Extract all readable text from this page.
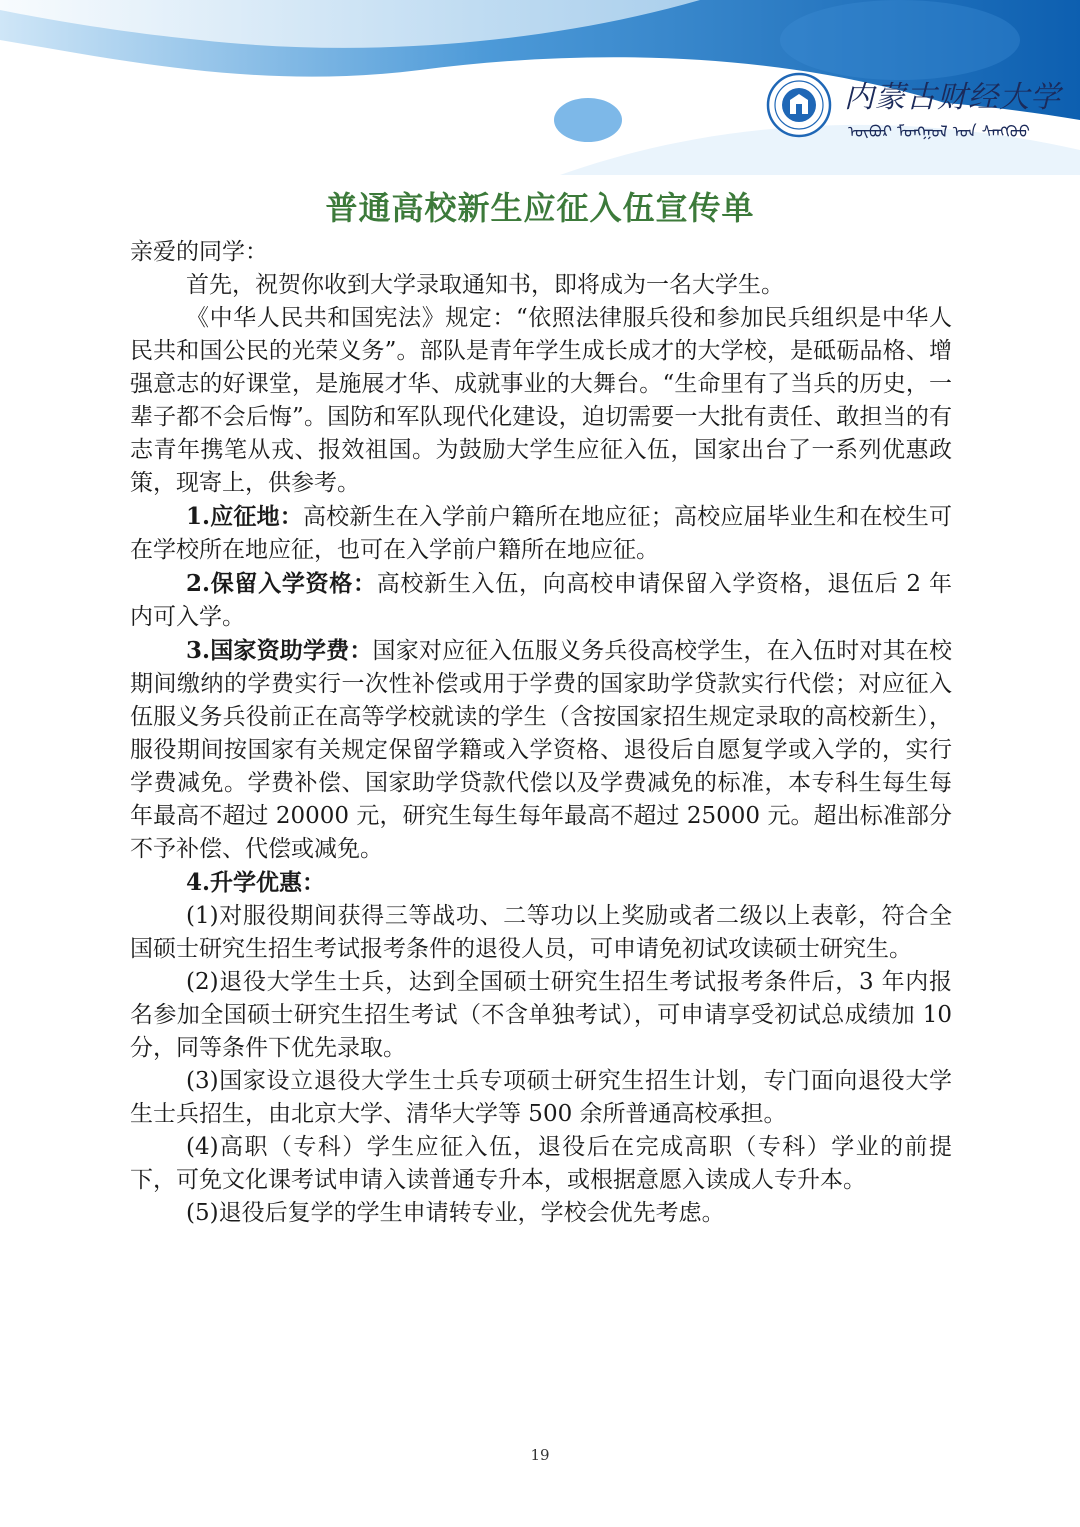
内蒙古财经大学
ᠦᠪᠦᠷ ᠮᠣᠩᠭᠣᠯ ᠤᠨ ᠰᠠᠩᠬᠦᠦ
普通高校新生应征入伍宣传单

亲爱的同学：

首先，祝贺你收到大学录取通知书，即将成为一名大学生。

《中华人民共和国宪法》规定：“依照法律服兵役和参加民兵组织是中华人民共和国公民的光荣义务”。部队是青年学生成长成才的大学校，是砥砺品格、增强意志的好课堂，是施展才华、成就事业的大舞台。“生命里有了当兵的历史，一辈子都不会后悔”。国防和军队现代化建设，迫切需要一大批有责任、敢担当的有志青年携笔从戎、报效祖国。为鼓励大学生应征入伍，国家出台了一系列优惠政策，现寄上，供参考。

1.应征地：高校新生在入学前户籍所在地应征；高校应届毕业生和在校生可在学校所在地应征，也可在入学前户籍所在地应征。

2.保留入学资格：高校新生入伍，向高校申请保留入学资格，退伍后 2 年内可入学。

3.国家资助学费：国家对应征入伍服义务兵役高校学生，在入伍时对其在校期间缴纳的学费实行一次性补偿或用于学费的国家助学贷款实行代偿；对应征入伍服义务兵役前正在高等学校就读的学生（含按国家招生规定录取的高校新生），服役期间按国家有关规定保留学籍或入学资格、退役后自愿复学或入学的，实行学费减免。学费补偿、国家助学贷款代偿以及学费减免的标准，本专科生每生每年最高不超过 20000 元，研究生每生每年最高不超过 25000 元。超出标准部分不予补偿、代偿或减免。

4.升学优惠：

(1)对服役期间获得三等战功、二等功以上奖励或者二级以上表彰，符合全国硕士研究生招生考试报考条件的退役人员，可申请免初试攻读硕士研究生。

(2)退役大学生士兵，达到全国硕士研究生招生考试报考条件后，3 年内报名参加全国硕士研究生招生考试（不含单独考试），可申请享受初试总成绩加 10 分，同等条件下优先录取。

(3)国家设立退役大学生士兵专项硕士研究生招生计划，专门面向退役大学生士兵招生，由北京大学、清华大学等 500 余所普通高校承担。

(4)高职（专科）学生应征入伍，退役后在完成高职（专科）学业的前提下，可免文化课考试申请入读普通专升本，或根据意愿入读成人专升本。

(5)退役后复学的学生申请转专业，学校会优先考虑。

19
